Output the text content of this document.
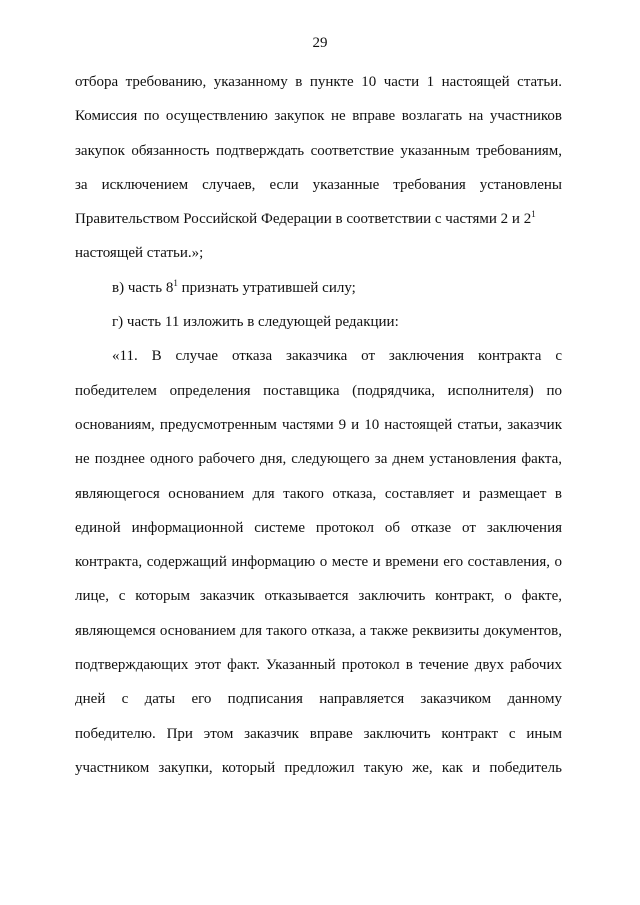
29
отбора требованию, указанному в пункте 10 части 1 настоящей статьи.
Комиссия по осуществлению закупок не вправе возлагать на участников
закупок обязанность подтверждать соответствие указанным требованиям,
за исключением случаев, если указанные требования установлены
Правительством Российской Федерации в соответствии с частями 2 и $2^1$
настоящей статьи.»;
в) часть $8^1$ признать утратившей силу;
г) часть 11 изложить в следующей редакции:
«11. В случае отказа заказчика от заключения контракта с
победителем определения поставщика (подрядчика, исполнителя) по
основаниям, предусмотренным частями 9 и 10 настоящей статьи, заказчик
не позднее одного рабочего дня, следующего за днем установления факта,
являющегося основанием для такого отказа, составляет и размещает в
единой информационной системе протокол об отказе от заключения
контракта, содержащий информацию о месте и времени его составления, о
лице, с которым заказчик отказывается заключить контракт, о факте,
являющемся основанием для такого отказа, а также реквизиты документов,
подтверждающих этот факт. Указанный протокол в течение двух рабочих
дней с даты его подписания направляется заказчиком данному
победителю. При этом заказчик вправе заключить контракт с иным
участником закупки, который предложил такую же, как и победитель
